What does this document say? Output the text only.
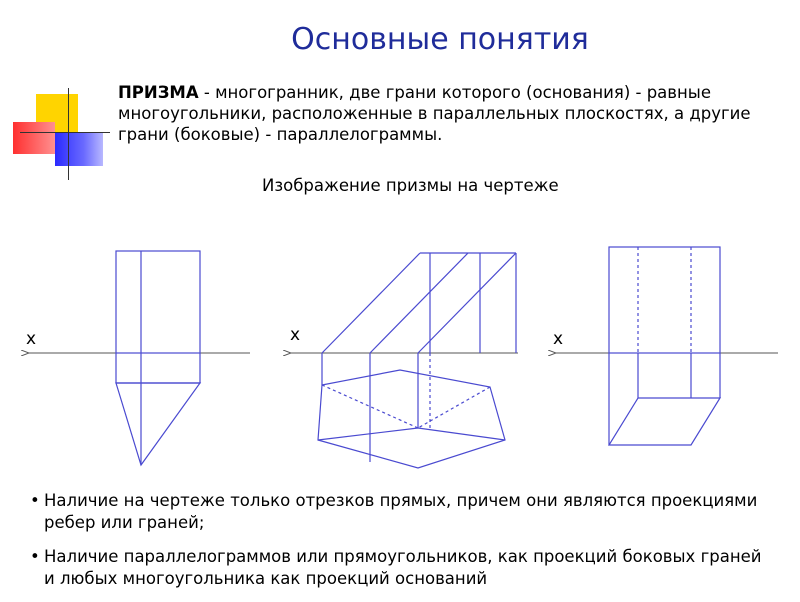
Основные понятия
ПРИЗМА - многогранник, две грани которого (основания) - равные многоугольники, расположенные в параллельных плоскостях, а другие грани (боковые) - параллелограммы.
Изображение призмы на чертеже
x	x	x
• Наличие на чертеже только отрезков прямых, причем они являются проекциями ребер или граней;
• Наличие параллелограммов или прямоугольников, как проекций боковых граней и любых многоугольника как проекций оснований
